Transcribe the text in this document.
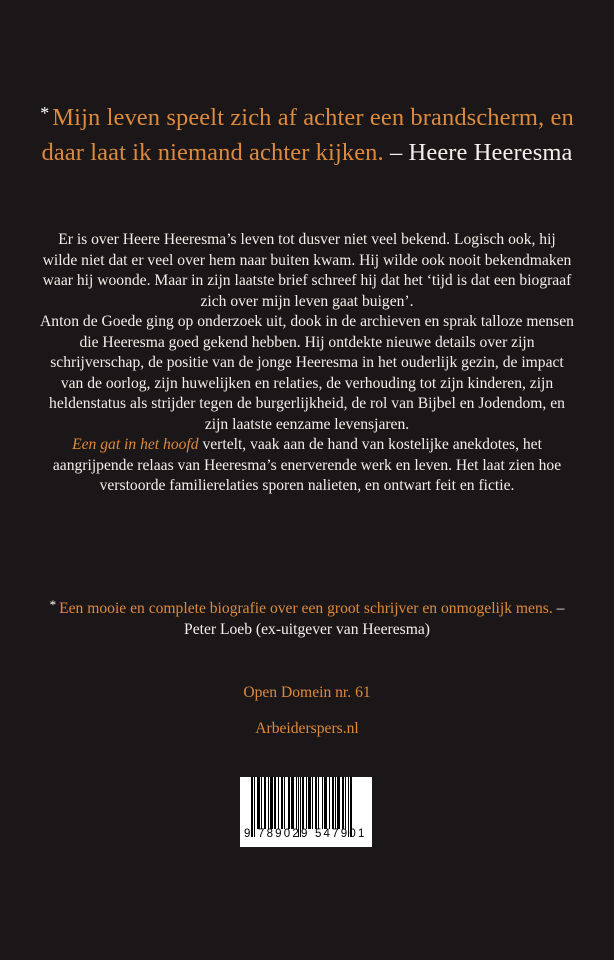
* Mijn leven speelt zich af achter een brandscherm, en daar laat ik niemand achter kijken. – Heere Heeresma

Er is over Heere Heeresma’s leven tot dusver niet veel bekend. Logisch ook, hij wilde niet dat er veel over hem naar buiten kwam. Hij wilde ook nooit bekendmaken waar hij woonde. Maar in zijn laatste brief schreef hij dat het ‘tijd is dat een biograaf zich over mijn leven gaat buigen’.

Anton de Goede ging op onderzoek uit, dook in de archieven en sprak talloze mensen die Heeresma goed gekend hebben. Hij ontdekte nieuwe details over zijn schrijverschap, de positie van de jonge Heeresma in het ouderlijk gezin, de impact van de oorlog, zijn huwelijken en relaties, de verhouding tot zijn kinderen, zijn heldenstatus als strijder tegen de burgerlijkheid, de rol van Bijbel en Jodendom, en zijn laatste eenzame levensjaren.

Een gat in het hoofd vertelt, vaak aan de hand van kostelijke anekdotes, het aangrijpende relaas van Heeresma’s enerverende werk en leven. Het laat zien hoe verstoorde familierelaties sporen nalieten, en ontwart feit en fictie.

* Een mooie en complete biografie over een groot schrijver en onmogelijk mens. – Peter Loeb (ex-uitgever van Heeresma)
Open Domein nr. 61
Arbeiderspers.nl
9 789029 547901
